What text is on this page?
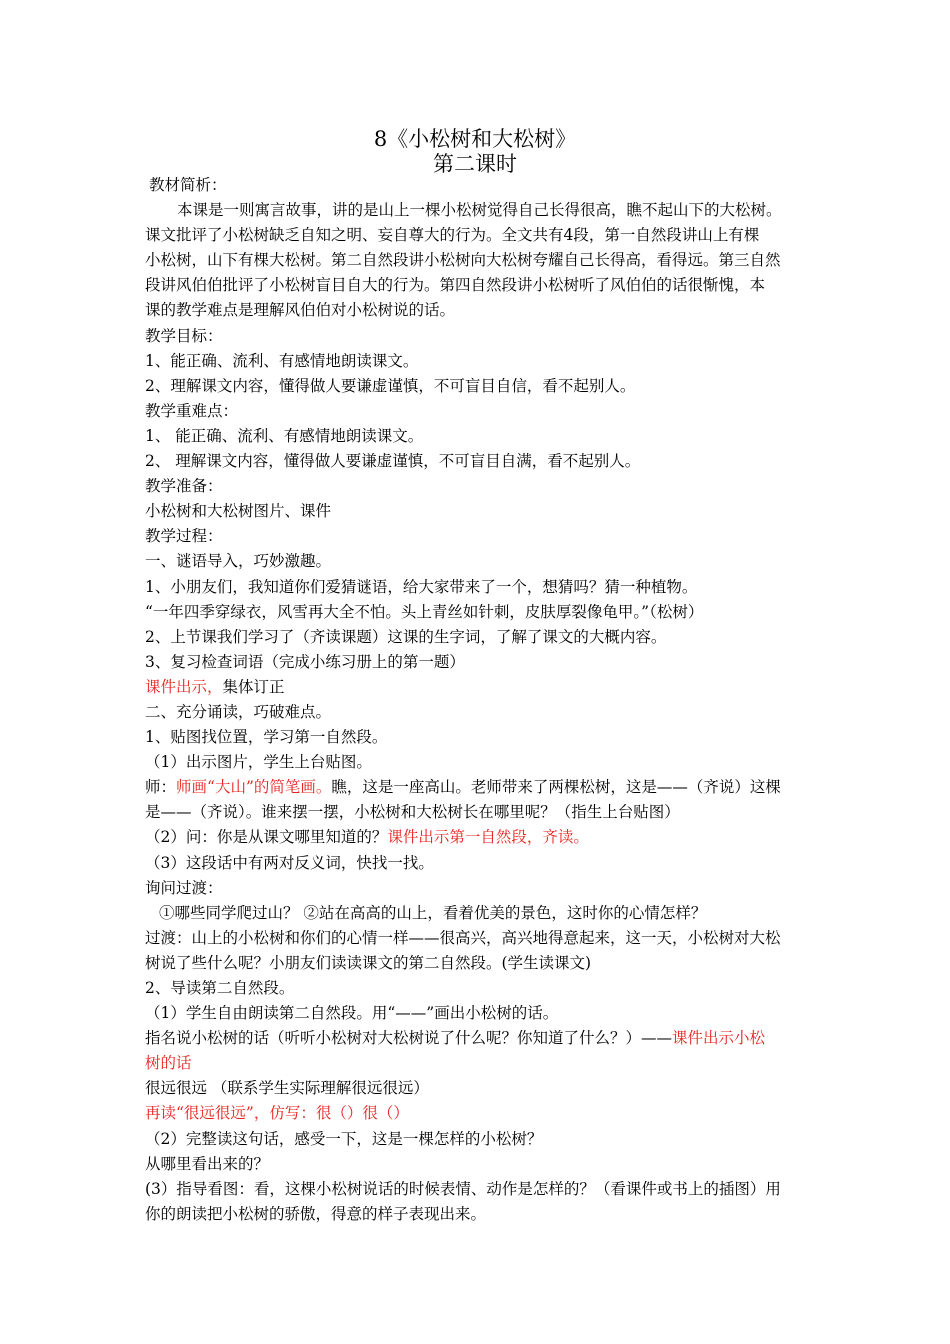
8《小松树和大松树》
第二课时

教材简析：

本课是一则寓言故事，讲的是山上一棵小松树觉得自己长得很高，瞧不起山下的大松树。

课文批评了小松树缺乏自知之明、妄自尊大的行为。全文共有4段，第一自然段讲山上有棵

小松树，山下有棵大松树。第二自然段讲小松树向大松树夸耀自己长得高，看得远。第三自然

段讲风伯伯批评了小松树盲目自大的行为。第四自然段讲小松树听了风伯伯的话很惭愧，本

课的教学难点是理解风伯伯对小松树说的话。

教学目标：

1、能正确、流利、有感情地朗读课文。

2、理解课文内容，懂得做人要谦虚谨慎，不可盲目自信，看不起别人。

教学重难点：

1、 能正确、流利、有感情地朗读课文。

2、 理解课文内容，懂得做人要谦虚谨慎，不可盲目自满，看不起别人。

教学准备：

小松树和大松树图片、课件

教学过程：

一、谜语导入，巧妙激趣。

1、小朋友们，我知道你们爱猜谜语，给大家带来了一个，想猜吗？猜一种植物。

“一年四季穿绿衣，风雪再大全不怕。头上青丝如针刺，皮肤厚裂像龟甲。”（松树）

2、上节课我们学习了（齐读课题）这课的生字词，了解了课文的大概内容。

3、复习检查词语（完成小练习册上的第一题）

课件出示，集体订正

二、充分诵读，巧破难点。

1、贴图找位置，学习第一自然段。

（1）出示图片，学生上台贴图。

师：师画“大山”的简笔画。瞧，这是一座高山。老师带来了两棵松树，这是——（齐说）这棵

是——（齐说）。谁来摆一摆，小松树和大松树长在哪里呢？（指生上台贴图）

（2）问：你是从课文哪里知道的？课件出示第一自然段，齐读。

（3）这段话中有两对反义词，快找一找。

询问过渡：

①哪些同学爬过山？ ②站在高高的山上，看着优美的景色，这时你的心情怎样？

过渡：山上的小松树和你们的心情一样——很高兴，高兴地得意起来，这一天，小松树对大松

树说了些什么呢？小朋友们读读课文的第二自然段。(学生读课文)

2、导读第二自然段。

（1）学生自由朗读第二自然段。用“——”画出小松树的话。

指名说小松树的话（听听小松树对大松树说了什么呢？你知道了什么？）——课件出示小松

树的话

很远很远 （联系学生实际理解很远很远）

再读“很远很远”，仿写：很（）很（）

（2）完整读这句话，感受一下，这是一棵怎样的小松树？

从哪里看出来的？

(3）指导看图：看，这棵小松树说话的时候表情、动作是怎样的？（看课件或书上的插图）用

你的朗读把小松树的骄傲，得意的样子表现出来。
